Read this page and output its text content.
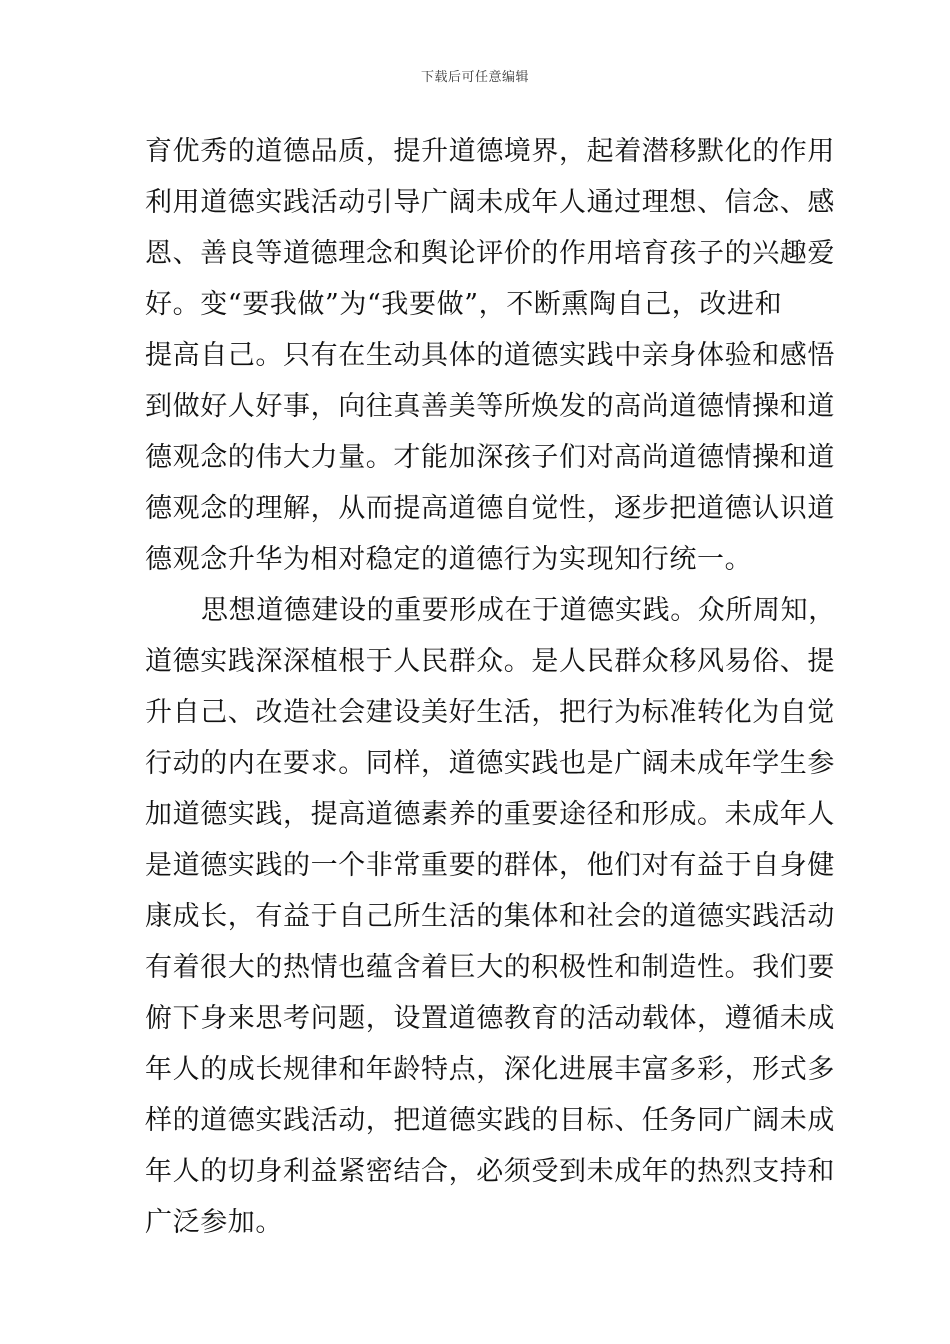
下载后可任意编辑
育优秀的道德品质，提升道德境界，起着潜移默化的作用
利用道德实践活动引导广阔未成年人通过理想、信念、感
恩、善良等道德理念和舆论评价的作用培育孩子的兴趣爱
好。变“要我做”为“我要做”，不断熏陶自己，改进和
提高自己。只有在生动具体的道德实践中亲身体验和感悟
到做好人好事，向往真善美等所焕发的高尚道德情操和道
德观念的伟大力量。才能加深孩子们对高尚道德情操和道
德观念的理解，从而提高道德自觉性，逐步把道德认识道
德观念升华为相对稳定的道德行为实现知行统一。
思想道德建设的重要形成在于道德实践。众所周知，
道德实践深深植根于人民群众。是人民群众移风易俗、提
升自己、改造社会建设美好生活，把行为标准转化为自觉
行动的内在要求。同样，道德实践也是广阔未成年学生参
加道德实践，提高道德素养的重要途径和形成。未成年人
是道德实践的一个非常重要的群体，他们对有益于自身健
康成长，有益于自己所生活的集体和社会的道德实践活动
有着很大的热情也蕴含着巨大的积极性和制造性。我们要
俯下身来思考问题，设置道德教育的活动载体，遵循未成
年人的成长规律和年龄特点，深化进展丰富多彩，形式多
样的道德实践活动，把道德实践的目标、任务同广阔未成
年人的切身利益紧密结合，必须受到未成年的热烈支持和
广泛参加。
